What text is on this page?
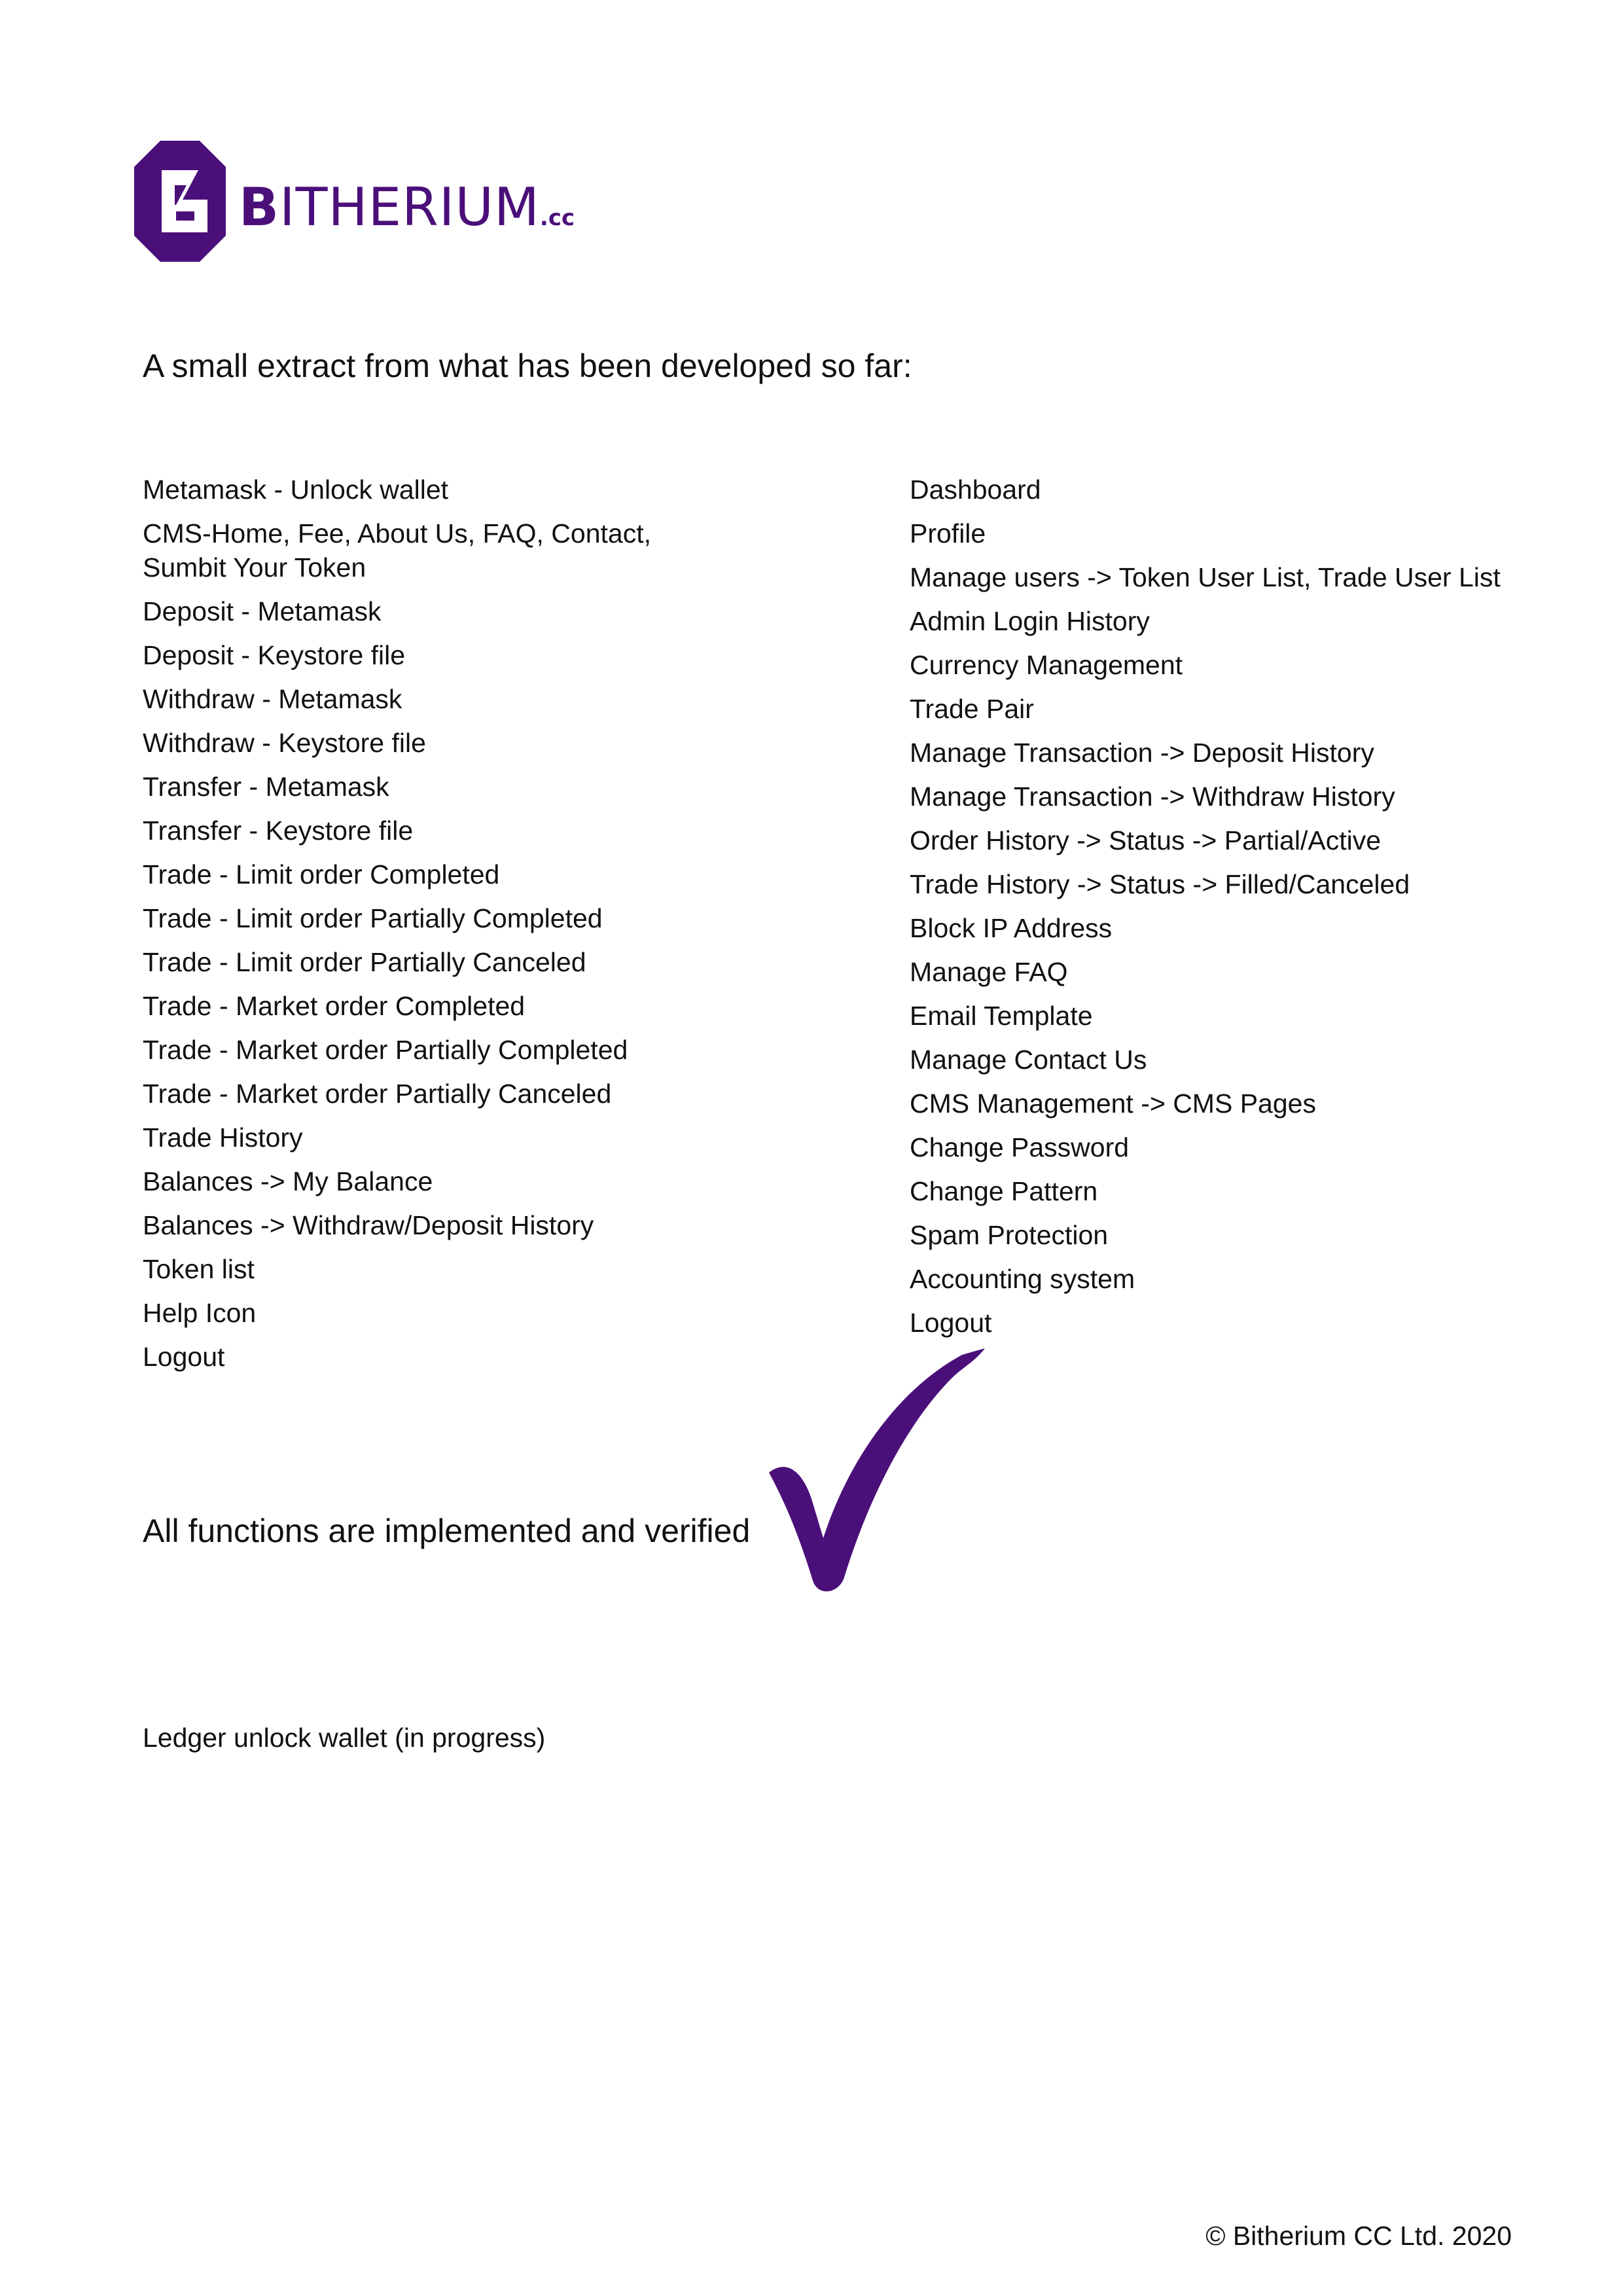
BITHERIUM.cc
A small extract from what has been developed so far:
Metamask - Unlock wallet
CMS-Home, Fee, About Us, FAQ, Contact, Sumbit Your Token
Deposit - Metamask
Deposit - Keystore file
Withdraw - Metamask
Withdraw - Keystore file
Transfer - Metamask
Transfer - Keystore file
Trade - Limit order Completed
Trade - Limit order Partially Completed
Trade - Limit order Partially Canceled
Trade - Market order Completed
Trade - Market order Partially Completed
Trade - Market order Partially Canceled
Trade History
Balances -> My Balance
Balances -> Withdraw/Deposit History
Token list
Help Icon
Logout
Dashboard
Profile
Manage users -> Token User List, Trade User List
Admin Login History
Currency Management
Trade Pair
Manage Transaction -> Deposit History
Manage Transaction -> Withdraw History
Order History -> Status -> Partial/Active
Trade History -> Status -> Filled/Canceled
Block IP Address
Manage FAQ
Email Template
Manage Contact Us
CMS Management -> CMS Pages
Change Password
Change Pattern
Spam Protection
Accounting system
Logout
All functions are implemented and verified
Ledger unlock wallet (in progress)
© Bitherium CC Ltd. 2020
